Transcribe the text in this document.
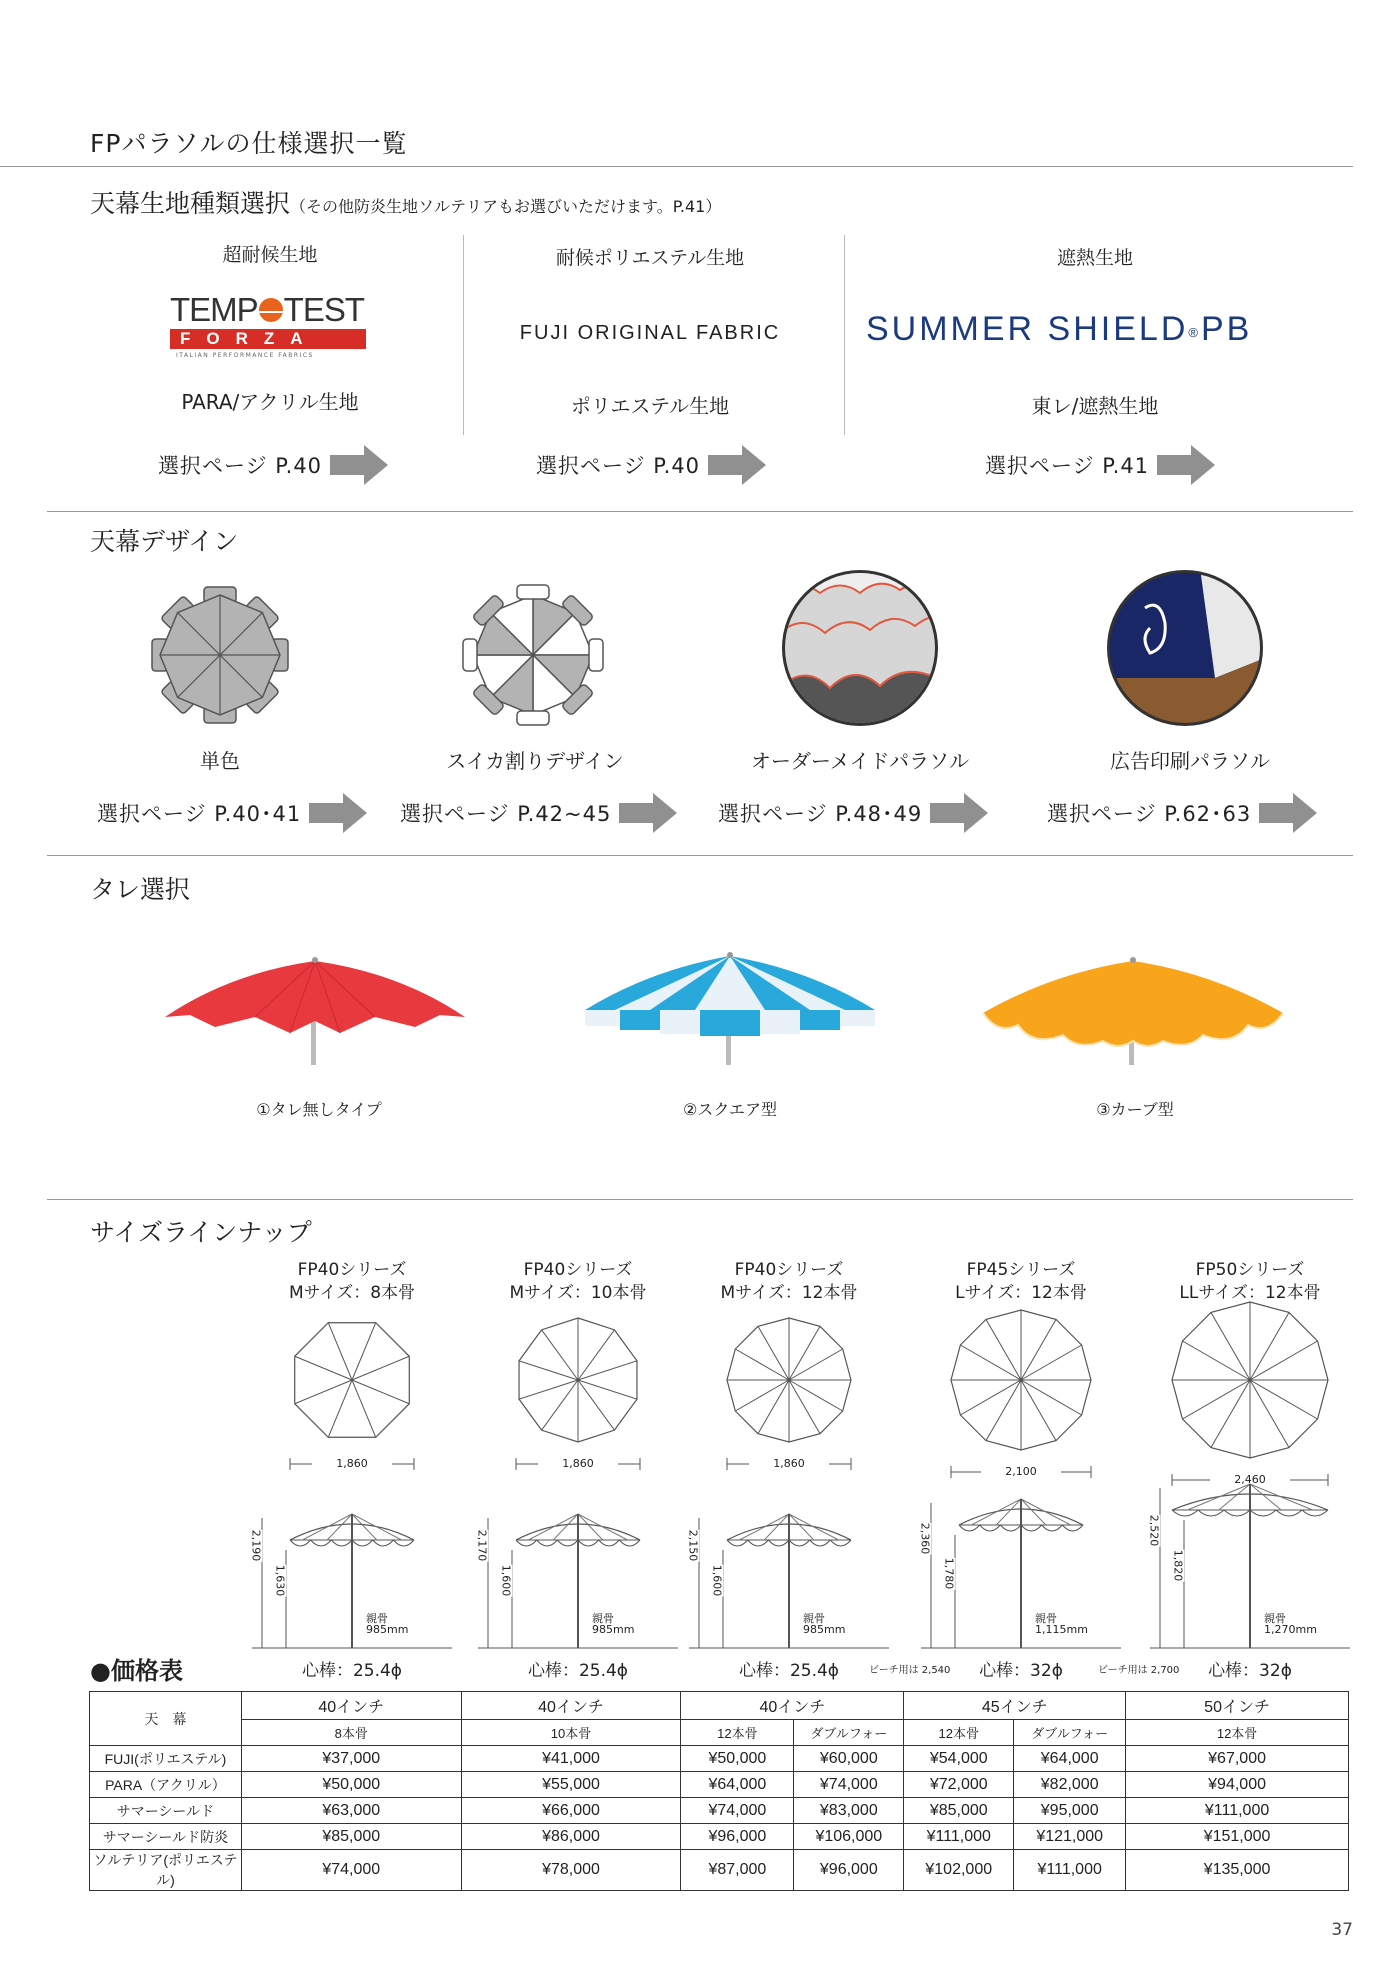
FPパラソルの仕様選択一覧
天幕生地種類選択（その他防炎生地ソルテリアもお選びいただけます。P.41）
超耐候生地	耐候ポリエステル生地	遮熱生地
TEMP TEST
FORZA
ITALIAN PERFORMANCE FABRICS
FUJI ORIGINAL FABRIC	SUMMER SHIELD®PB
PARA/アクリル生地	ポリエステル生地	東レ/遮熱生地
選択ページ P.40	選択ページ P.40	選択ページ P.41
天幕デザイン
単色	スイカ割りデザイン	オーダーメイドパラソル	広告印刷パラソル
選択ページ P.40･41	選択ページ P.42~45	選択ページ P.48･49	選択ページ P.62･63
タレ選択
①タレ無しタイプ	②スクエア型	③カーブ型
サイズラインナップ
FP40シリーズ
Mサイズ：8本骨
1,860
2,190
1,630
親骨
985mm
心棒：25.4ϕ
FP40シリーズ
Mサイズ：10本骨
1,860
2,170
1,600
親骨
985mm
心棒：25.4ϕ
FP40シリーズ
Mサイズ：12本骨
1,860
2,150
1,600
親骨
985mm
心棒：25.4ϕ
FP45シリーズ
Lサイズ：12本骨
2,100
2,360
1,780
親骨
1,115mm
心棒：32ϕ
ビーチ用は 2,540
FP50シリーズ
LLサイズ：12本骨
2,460
2,520
1,820
親骨
1,270mm
心棒：32ϕ
ビーチ用は 2,700
●価格表
天　幕	40インチ	40インチ	40インチ		45インチ		50インチ
	8本骨	10本骨	12本骨	ダブルフォー	12本骨	ダブルフォー	12本骨
FUJI(ポリエステル)	¥37,000	¥41,000	¥50,000	¥60,000	¥54,000	¥64,000	¥67,000
PARA（アクリル）	¥50,000	¥55,000	¥64,000	¥74,000	¥72,000	¥82,000	¥94,000
サマーシールド	¥63,000	¥66,000	¥74,000	¥83,000	¥85,000	¥95,000	¥111,000
サマーシールド防炎	¥85,000	¥86,000	¥96,000	¥106,000	¥111,000	¥121,000	¥151,000
ソルテリア(ポリエステル)	¥74,000	¥78,000	¥87,000	¥96,000	¥102,000	¥111,000	¥135,000
37
